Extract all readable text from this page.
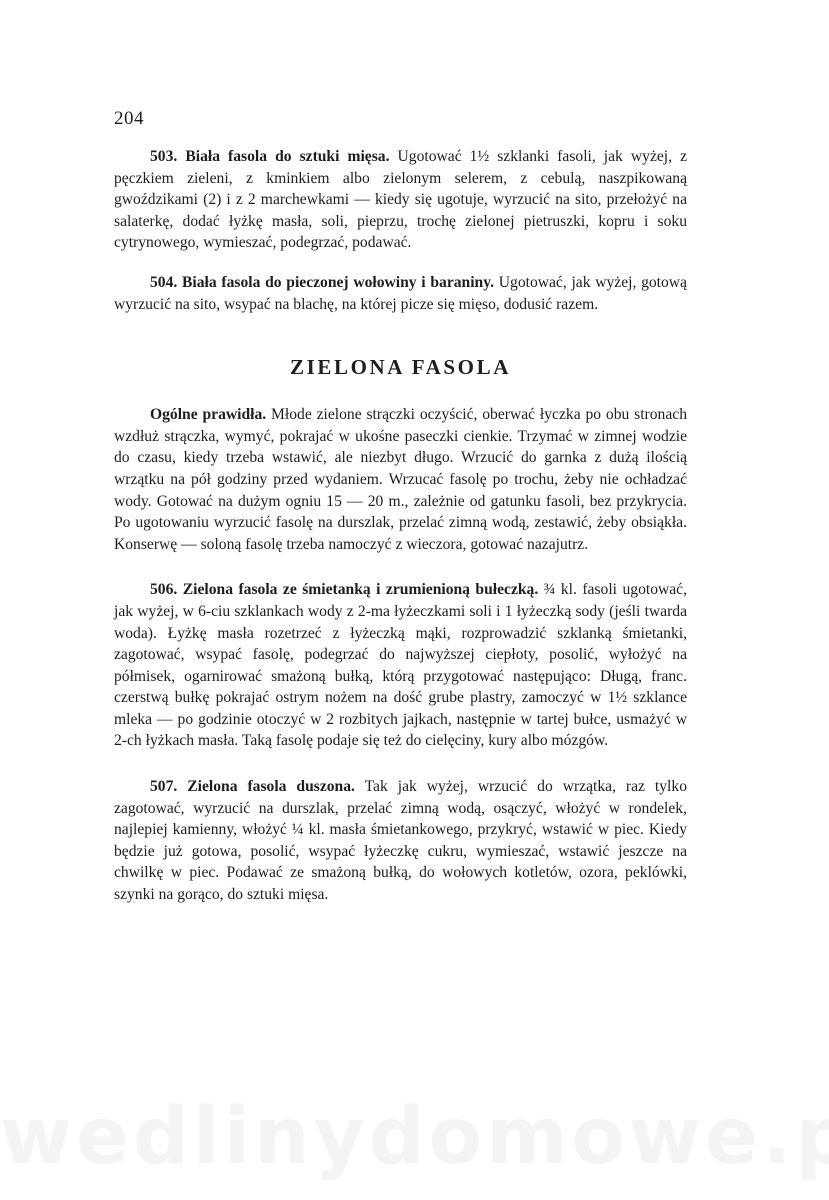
204

503. Biała fasola do sztuki mięsa. Ugotować 1½ szklanki fasoli, jak wyżej, z pęczkiem zieleni, z kminkiem albo zielonym selerem, z cebulą, naszpikowaną gwoździkami (2) i z 2 marchewkami — kiedy się ugotuje, wyrzucić na sito, przełożyć na salaterkę, dodać łyżkę masła, soli, pieprzu, trochę zielonej pietruszki, kopru i soku cytrynowego, wymieszać, podegrzać, podawać.

504. Biała fasola do pieczonej wołowiny i baraniny. Ugotować, jak wyżej, gotową wyrzucić na sito, wsypać na blachę, na której picze się mięso, dodusić razem.

ZIELONA FASOLA

Ogólne prawidła. Młode zielone strączki oczyścić, oberwać łyczka po obu stronach wzdłuż strączka, wymyć, pokrajać w ukośne paseczki cienkie. Trzymać w zimnej wodzie do czasu, kiedy trzeba wstawić, ale niezbyt długo. Wrzucić do garnka z dużą ilością wrzątku na pół godziny przed wydaniem. Wrzucać fasolę po trochu, żeby nie ochładzać wody. Gotować na dużym ogniu 15 — 20 m., zależnie od gatunku fasoli, bez przykrycia. Po ugotowaniu wyrzucić fasolę na durszlak, przelać zimną wodą, zestawić, żeby obsiąkła. Konserwę — soloną fasolę trzeba namoczyć z wieczora, gotować nazajutrz.

506. Zielona fasola ze śmietanką i zrumienioną bułeczką. ¾ kl. fasoli ugotować, jak wyżej, w 6-ciu szklankach wody z 2-ma łyżeczkami soli i 1 łyżeczką sody (jeśli twarda woda). Łyżkę masła rozetrzeć z łyżeczką mąki, rozprowadzić szklanką śmietanki, zagotować, wsypać fasolę, podegrzać do najwyższej ciepłoty, posolić, wyłożyć na półmisek, ogarnirować smażoną bułką, którą przygotować następująco: Długą, franc. czerstwą bułkę pokrajać ostrym nożem na dość grube plastry, zamoczyć w 1½ szklance mleka — po godzinie otoczyć w 2 rozbitych jajkach, następnie w tartej bułce, usmażyć w 2-ch łyżkach masła. Taką fasolę podaje się też do cielęciny, kury albo mózgów.

507. Zielona fasola duszona. Tak jak wyżej, wrzucić do wrzątka, raz tylko zagotować, wyrzucić na durszlak, przelać zimną wodą, osączyć, włożyć w rondelek, najlepiej kamienny, włożyć ¼ kl. masła śmietankowego, przykryć, wstawić w piec. Kiedy będzie już gotowa, posolić, wsypać łyżeczkę cukru, wymieszać, wstawić jeszcze na chwilkę w piec. Podawać ze smażoną bułką, do wołowych kotletów, ozora, peklówki, szynki na gorąco, do sztuki mięsa.
